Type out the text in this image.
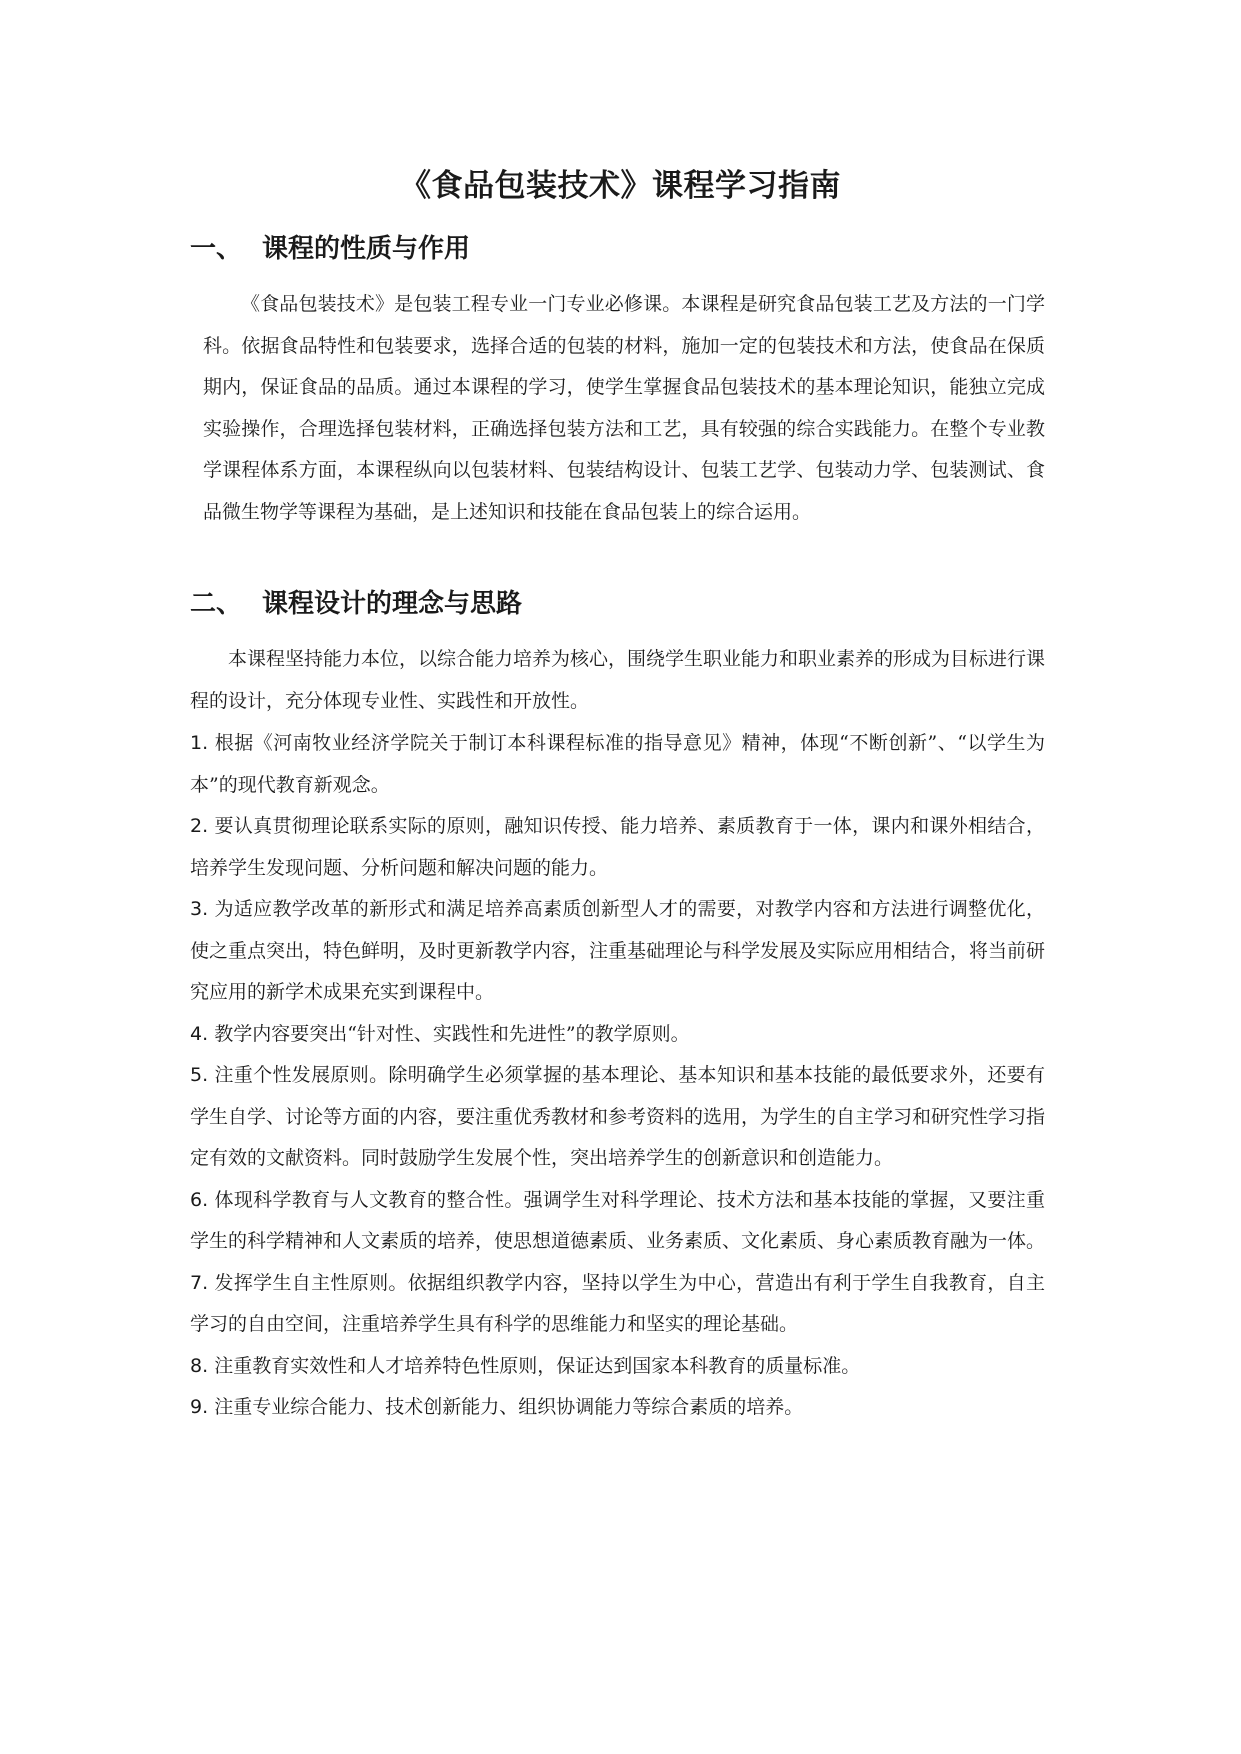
《食品包装技术》课程学习指南
一、 课程的性质与作用

《食品包装技术》是包装工程专业一门专业必修课。本课程是研究食品包装工艺及方法的一门学科。依据食品特性和包装要求，选择合适的包装的材料，施加一定的包装技术和方法，使食品在保质期内，保证食品的品质。通过本课程的学习，使学生掌握食品包装技术的基本理论知识，能独立完成实验操作，合理选择包装材料，正确选择包装方法和工艺，具有较强的综合实践能力。在整个专业教学课程体系方面，本课程纵向以包装材料、包装结构设计、包装工艺学、包装动力学、包装测试、食品微生物学等课程为基础，是上述知识和技能在食品包装上的综合运用。

二、 课程设计的理念与思路

本课程坚持能力本位，以综合能力培养为核心，围绕学生职业能力和职业素养的形成为目标进行课程的设计，充分体现专业性、实践性和开放性。

1. 根据《河南牧业经济学院关于制订本科课程标准的指导意见》精神，体现“不断创新”、“以学生为本”的现代教育新观念。
2. 要认真贯彻理论联系实际的原则，融知识传授、能力培养、素质教育于一体，课内和课外相结合，培养学生发现问题、分析问题和解决问题的能力。
3. 为适应教学改革的新形式和满足培养高素质创新型人才的需要，对教学内容和方法进行调整优化，使之重点突出，特色鲜明，及时更新教学内容，注重基础理论与科学发展及实际应用相结合，将当前研究应用的新学术成果充实到课程中。
4. 教学内容要突出“针对性、实践性和先进性”的教学原则。
5. 注重个性发展原则。除明确学生必须掌握的基本理论、基本知识和基本技能的最低要求外，还要有学生自学、讨论等方面的内容，要注重优秀教材和参考资料的选用，为学生的自主学习和研究性学习指定有效的文献资料。同时鼓励学生发展个性，突出培养学生的创新意识和创造能力。
6. 体现科学教育与人文教育的整合性。强调学生对科学理论、技术方法和基本技能的掌握，又要注重学生的科学精神和人文素质的培养，使思想道德素质、业务素质、文化素质、身心素质教育融为一体。
7. 发挥学生自主性原则。依据组织教学内容，坚持以学生为中心，营造出有利于学生自我教育，自主学习的自由空间，注重培养学生具有科学的思维能力和坚实的理论基础。
8. 注重教育实效性和人才培养特色性原则，保证达到国家本科教育的质量标准。
9. 注重专业综合能力、技术创新能力、组织协调能力等综合素质的培养。
